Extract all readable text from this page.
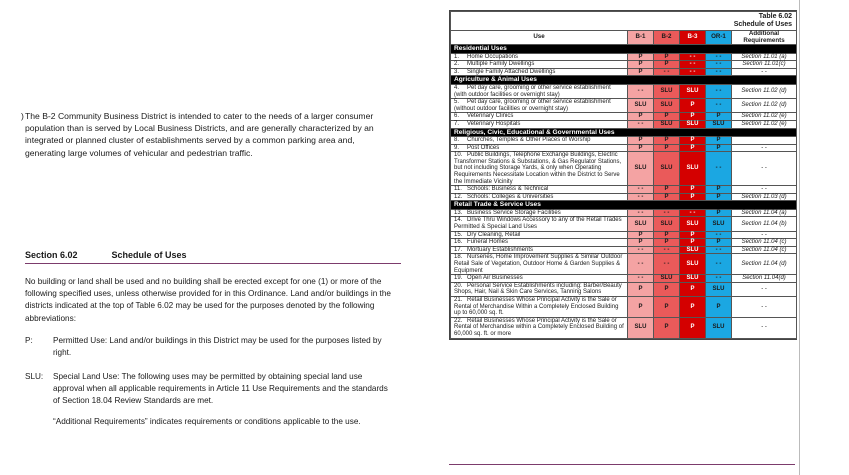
) The B-2 Community Business District is intended to cater to the needs of a larger consumer population than is served by Local Business Districts, and are generally characterized by an integrated or planned cluster of establishments served by a common parking area and, generating large volumes of vehicular and pedestrian traffic.
Section 6.02	Schedule of Uses
No building or land shall be used and no building shall be erected except for one (1) or more of the following specified uses, unless otherwise provided for in this Ordinance. Land and/or buildings in the districts indicated at the top of Table 6.02 may be used for the purposes denoted by the following abbreviations:
P: Permitted Use: Land and/or buildings in this District may be used for the purposes listed by right.
SLU: Special Land Use: The following uses may be permitted by obtaining special land use approval when all applicable requirements in Article 11 Use Requirements and the standards of Section 18.04 Review Standards are met.
“Additional Requirements” indicates requirements or conditions applicable to the use.
Table 6.02
Schedule of Uses					

Use	B-1	B-2	B-3	OR-1	Additional Requirements
Residential Uses					
1. Home Occupations	P	P	- -	- -	Section 11.01 (a)
2. Multiple Family Dwellings	P	P	- -	- -	Section 11.01(c)
3. Single Family Attached Dwellings	P	- -	- -	- -	- -
Agriculture & Animal Uses					
4. Pet day care, grooming or other service establishment (with outdoor facilities or overnight stay)	- -	SLU	SLU	- -	Section 11.02 (d)
5. Pet day care, grooming or other service establishment (without outdoor facilities or overnight stay)	SLU	SLU	P	- -	Section 11.02 (d)
6. Veterinary Clinics	P	P	P	P	Section 11.02 (e)
7. Veterinary Hospitals	- -	SLU	SLU	SLU	Section 11.02 (e)
Religious, Civic, Educational & Governmental Uses					
8. Churches, Temples & Other Places of Worship	P	P	P	P	
9. Post Offices	P	P	P	P	- -
10. Public Buildings, Telephone Exchange Buildings, Electric Transformer Stations & Substations, & Gas Regulator Stations, but not including Storage Yards, & only when Operating Requirements Necessitate Location within the District to Serve the Immediate Vicinity	SLU	SLU	SLU	- -	- -
11. Schools: Business & Technical	- -	P	P	P	- -
12. Schools: Colleges & Universities	- -	P	P	P	Section 11.03 (d)
Retail Trade & Service Uses					
13. Business Service Storage Facilities	- -	- -	- -	P	Section 11.04 (a)
14. Drive Thru Windows Accessory to any of the Retail Trades Permitted & Special Land Uses	SLU	SLU	SLU	SLU	Section 11.04 (b)
15. Dry Cleaning, Retail	P	P	P	- -	- -
16. Funeral Homes	P	P	P	P	Section 11.04 (c)
17. Mortuary Establishments	- -	- -	SLU	- -	Section 11.04 (c)
18. Nurseries, Home Improvement Supplies & Similar Outdoor Retail Sale of Vegetation, Outdoor Home & Garden Supplies & Equipment	- -	- -	SLU	- -	Section 11.04 (d)
19. Open Air Businesses	- -	SLU	SLU	- -	Section 11.04(d)
20. Personal Service Establishments including: Barber/Beauty Shops, Hair, Nail & Skin Care Services, Tanning Salons	P	P	P	SLU	- -
21. Retail Businesses Whose Principal Activity is the Sale or Rental of Merchandise Within a Completely Enclosed Building up to 60,000 sq. ft.	P	P	P	P	- -
22. Retail Businesses Whose Principal Activity is the Sale or Rental of Merchandise within a Completely Enclosed Building of 60,000 sq. ft. or more	SLU	P	P	SLU	- -
